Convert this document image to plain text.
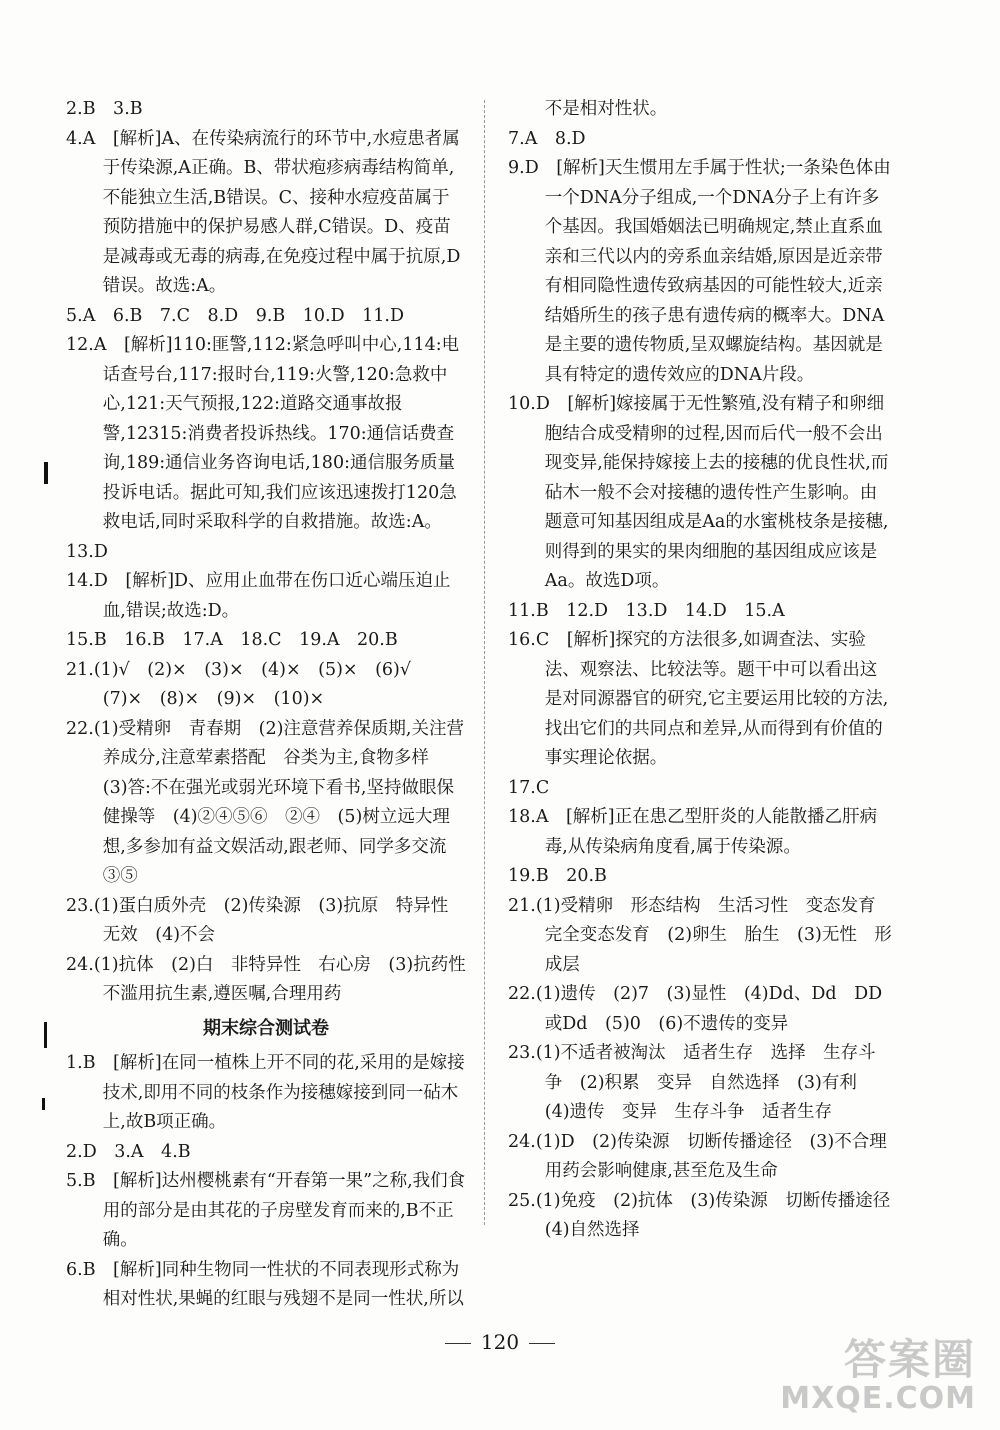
2.B　3.B

4.A　[解析]A、在传染病流行的环节中,水痘患者属于传染源,A正确。B、带状疱疹病毒结构简单,不能独立生活,B错误。C、接种水痘疫苗属于预防措施中的保护易感人群,C错误。D、疫苗是减毒或无毒的病毒,在免疫过程中属于抗原,D错误。故选:A。

5.A　6.B　7.C　8.D　9.B　10.D　11.D

12.A　[解析]110:匪警,112:紧急呼叫中心,114:电话查号台,117:报时台,119:火警,120:急救中心,121:天气预报,122:道路交通事故报警,12315:消费者投诉热线。170:通信话费查询,189:通信业务咨询电话,180:通信服务质量投诉电话。据此可知,我们应该迅速拨打120急救电话,同时采取科学的自救措施。故选:A。

13.D

14.D　[解析]D、应用止血带在伤口近心端压迫止血,错误;故选:D。

15.B　16.B　17.A　18.C　19.A　20.B

21.(1)√　(2)×　(3)×　(4)×　(5)×　(6)√

(7)×　(8)×　(9)×　(10)×

22.(1)受精卵　青春期　(2)注意营养保质期,关注营养成分,注意荤素搭配　谷类为主,食物多样　(3)答:不在强光或弱光环境下看书,坚持做眼保健操等　(4)②④⑤⑥　②④　(5)树立远大理想,多参加有益文娱活动,跟老师、同学多交流　③⑤

23.(1)蛋白质外壳　(2)传染源　(3)抗原　特异性　无效　(4)不会

24.(1)抗体　(2)白　非特异性　右心房　(3)抗药性　不滥用抗生素,遵医嘱,合理用药

期末综合测试卷

1.B　[解析]在同一植株上开不同的花,采用的是嫁接技术,即用不同的枝条作为接穗嫁接到同一砧木上,故B项正确。

2.D　3.A　4.B

5.B　[解析]达州樱桃素有“开春第一果”之称,我们食用的部分是由其花的子房壁发育而来的,B不正确。

6.B　[解析]同种生物同一性状的不同表现形式称为相对性状,果蝇的红眼与残翅不是同一性状,所以

不是相对性状。

7.A　8.D

9.D　[解析]天生惯用左手属于性状;一条染色体由一个DNA分子组成,一个DNA分子上有许多个基因。我国婚姻法已明确规定,禁止直系血亲和三代以内的旁系血亲结婚,原因是近亲带有相同隐性遗传致病基因的可能性较大,近亲结婚所生的孩子患有遗传病的概率大。DNA是主要的遗传物质,呈双螺旋结构。基因就是具有特定的遗传效应的DNA片段。

10.D　[解析]嫁接属于无性繁殖,没有精子和卵细胞结合成受精卵的过程,因而后代一般不会出现变异,能保持嫁接上去的接穗的优良性状,而砧木一般不会对接穗的遗传性产生影响。由题意可知基因组成是Aa的水蜜桃枝条是接穗,则得到的果实的果肉细胞的基因组成应该是Aa。故选D项。

11.B　12.D　13.D　14.D　15.A

16.C　[解析]探究的方法很多,如调查法、实验法、观察法、比较法等。题干中可以看出这是对同源器官的研究,它主要运用比较的方法,找出它们的共同点和差异,从而得到有价值的事实理论依据。

17.C

18.A　[解析]正在患乙型肝炎的人能散播乙肝病毒,从传染病角度看,属于传染源。

19.B　20.B

21.(1)受精卵　形态结构　生活习性　变态发育　完全变态发育　(2)卵生　胎生　(3)无性　形成层

22.(1)遗传　(2)7　(3)显性　(4)Dd、Dd　DD或Dd　(5)0　(6)不遗传的变异

23.(1)不适者被淘汰　适者生存　选择　生存斗争　(2)积累　变异　自然选择　(3)有利　(4)遗传　变异　生存斗争　适者生存

24.(1)D　(2)传染源　切断传播途径　(3)不合理用药会影响健康,甚至危及生命

25.(1)免疫　(2)抗体　(3)传染源　切断传播途径　(4)自然选择

120	答案圈
MXQE.COM
